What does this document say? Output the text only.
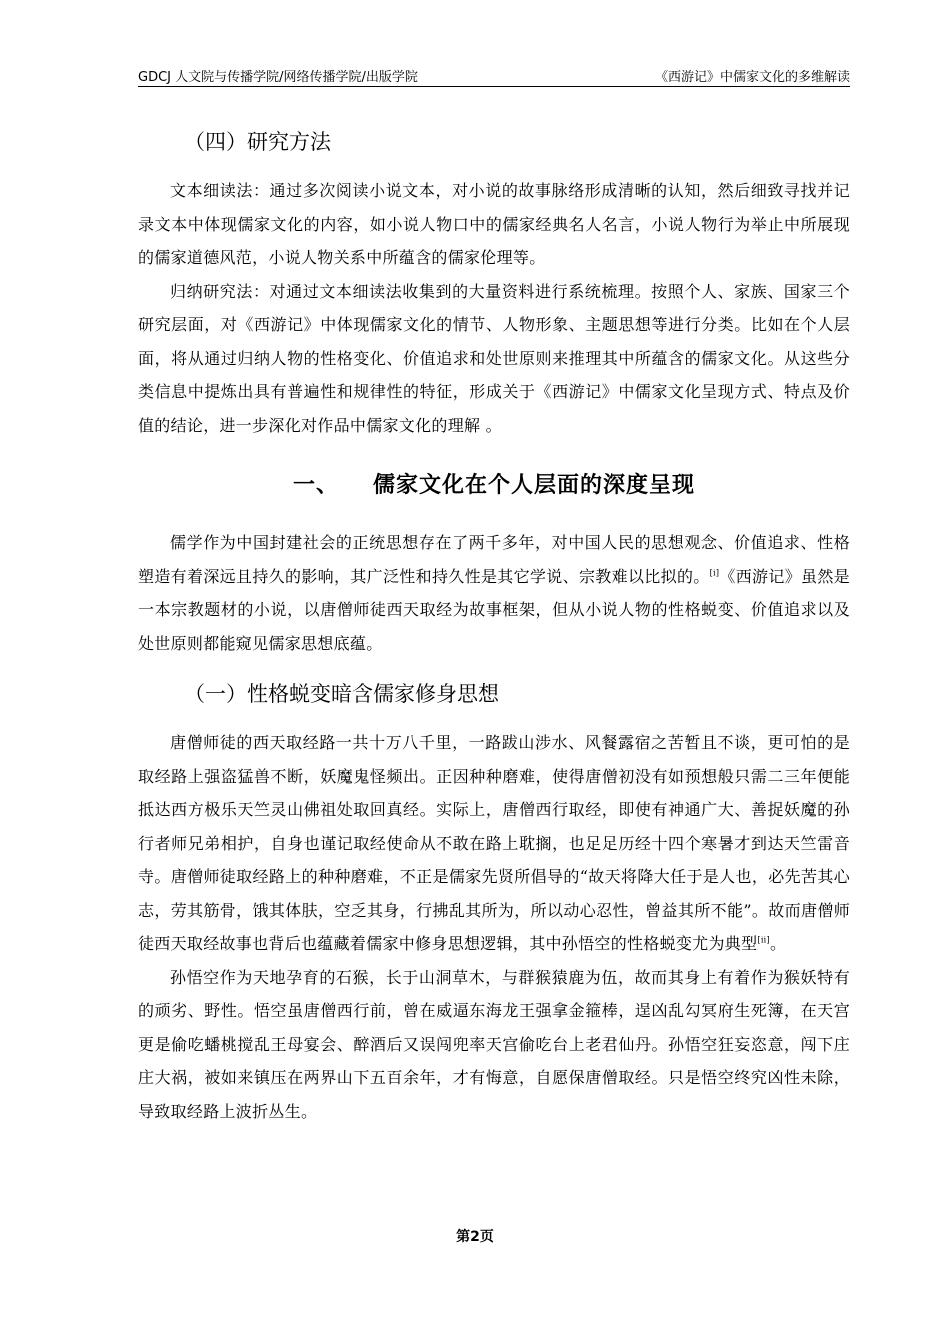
GDCJ 人文院与传播学院/网络传播学院/出版学院	《西游记》中儒家文化的多维解读
（四）研究方法

文本细读法：通过多次阅读小说文本，对小说的故事脉络形成清晰的认知，然后细致寻找并记录文本中体现儒家文化的内容，如小说人物口中的儒家经典名人名言，小说人物行为举止中所展现的儒家道德风范，小说人物关系中所蕴含的儒家伦理等。

归纳研究法：对通过文本细读法收集到的大量资料进行系统梳理。按照个人、家族、国家三个研究层面，对《西游记》中体现儒家文化的情节、人物形象、主题思想等进行分类。比如在个人层面，将从通过归纳人物的性格变化、价值追求和处世原则来推理其中所蕴含的儒家文化。从这些分类信息中提炼出具有普遍性和规律性的特征，形成关于《西游记》中儒家文化呈现方式、特点及价值的结论，进一步深化对作品中儒家文化的理解 。

一、 儒家文化在个人层面的深度呈现

儒学作为中国封建社会的正统思想存在了两千多年，对中国人民的思想观念、价值追求、性格塑造有着深远且持久的影响，其广泛性和持久性是其它学说、宗教难以比拟的。[i]《西游记》虽然是一本宗教题材的小说，以唐僧师徒西天取经为故事框架，但从小说人物的性格蜕变、价值追求以及处世原则都能窥见儒家思想底蕴。

（一）性格蜕变暗含儒家修身思想

唐僧师徒的西天取经路一共十万八千里，一路跋山涉水、风餐露宿之苦暂且不谈，更可怕的是取经路上强盗猛兽不断，妖魔鬼怪频出。正因种种磨难，使得唐僧初没有如预想般只需二三年便能抵达西方极乐天竺灵山佛祖处取回真经。实际上，唐僧西行取经，即使有神通广大、善捉妖魔的孙行者师兄弟相护，自身也谨记取经使命从不敢在路上耽搁，也足足历经十四个寒暑才到达天竺雷音寺。唐僧师徒取经路上的种种磨难，不正是儒家先贤所倡导的“故天将降大任于是人也，必先苦其心志，劳其筋骨，饿其体肤，空乏其身，行拂乱其所为，所以动心忍性，曾益其所不能”。故而唐僧师徒西天取经故事也背后也蕴藏着儒家中修身思想逻辑，其中孙悟空的性格蜕变尤为典型[ii]。

孙悟空作为天地孕育的石猴，长于山洞草木，与群猴猿鹿为伍，故而其身上有着作为猴妖特有的顽劣、野性。悟空虽唐僧西行前，曾在威逼东海龙王强拿金箍棒，逞凶乱勾冥府生死簿，在天宫更是偷吃蟠桃搅乱王母宴会、醉酒后又误闯兜率天宫偷吃台上老君仙丹。孙悟空狂妄恣意，闯下庄庄大祸，被如来镇压在两界山下五百余年，才有悔意，自愿保唐僧取经。只是悟空终究凶性未除，导致取经路上波折丛生。

第2页
